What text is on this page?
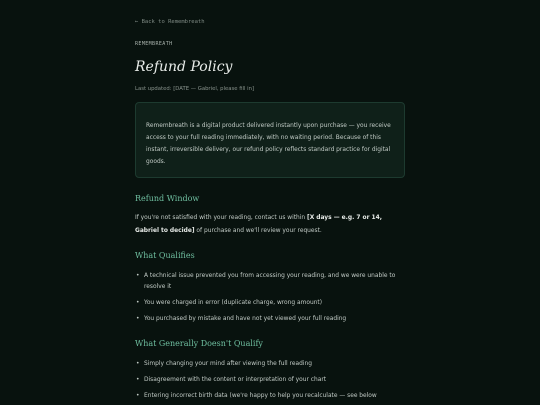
← Back to Remembreath
REMEMBREATH
Refund Policy
Last updated: [DATE — Gabriel, please fill in]

Remembreath is a digital product delivered instantly upon purchase — you receive access to your full reading immediately, with no waiting period. Because of this instant, irreversible delivery, our refund policy reflects standard practice for digital goods.

Refund Window

If you're not satisfied with your reading, contact us within [X days — e.g. 7 or 14, Gabriel to decide] of purchase and we'll review your request.

What Qualifies
• A technical issue prevented you from accessing your reading, and we were unable to resolve it
• You were charged in error (duplicate charge, wrong amount)
• You purchased by mistake and have not yet viewed your full reading
What Generally Doesn't Qualify
• Simply changing your mind after viewing the full reading
• Disagreement with the content or interpretation of your chart
• Entering incorrect birth data (we're happy to help you recalculate — see below
